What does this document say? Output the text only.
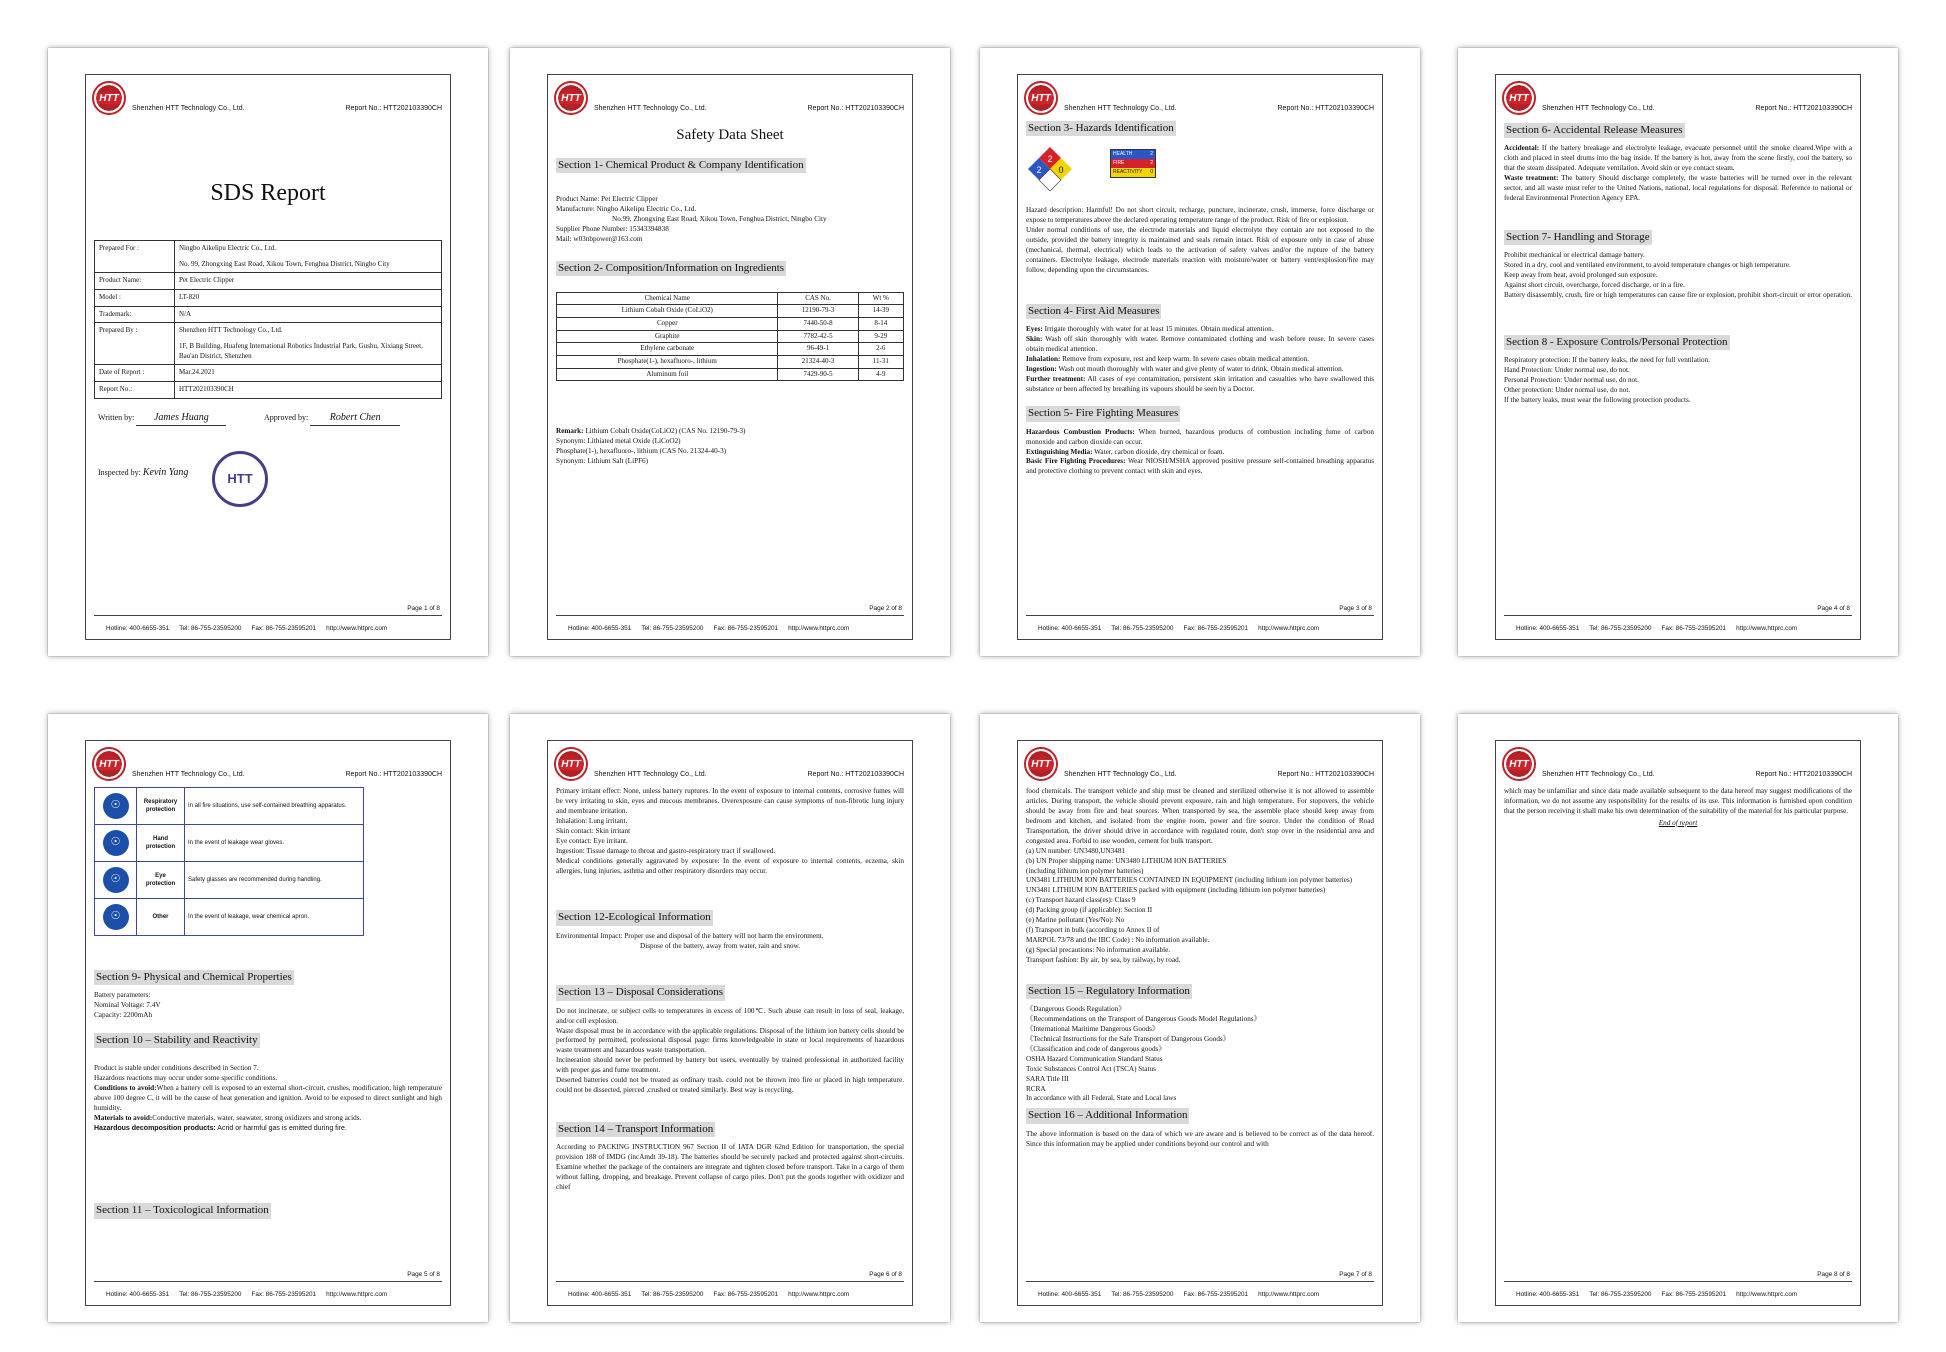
HTT
Shenzhen HTT Technology Co., Ltd.	Report No.: HTT202103390CH
SDS Report
Prepared For :	Ningbo Aikelipu Electric Co., Ltd.
No. 99, Zhongxing East Road, Xikou Town, Fenghua District, Ningbo City

Product Name:	Pet Electric Clipper

Model :	LT-820

Trademark:	N/A

Prepared By :	Shenzhen HTT Technology Co., Ltd.
1F, B Building, Huafeng International Robotics Industrial Park, Gushu, Xixiang Street, Bao'an District, Shenzhen

Date of Report :	Mar.24.2021

Report No.:	HTT202103390CH
Written by: James Huang	Approved by: Robert Chen
Inspected by: Kevin Yang	HTT
Page 1 of 8
Hotline: 400-6655-351 Tel: 86-755-23595200 Fax: 86-755-23595201 http://www.httprc.com
HTT
Shenzhen HTT Technology Co., Ltd.	Report No.: HTT202103390CH
Safety Data Sheet
Section 1- Chemical Product & Company Identification
Product Name: Pet Electric Clipper
Manufacture: Ningbo Aikelipu Electric Co., Ltd.
No.99, Zhongxing East Road, Xikou Town, Fenghua District, Ningbo City
Supplier Phone Number: 15343394838
Mail: w03nbpower@163.com
Section 2- Composition/Information on Ingredients
Chemical Name	CAS No.	Wt %
Lithium Cobalt Oxide (CoLiO2)	12190-79-3	14-39
Copper	7440-50-8	8-14
Graphite	7782-42-5	9-29
Ethylene carbonate	96-49-1	2-6
Phosphate(1-), hexafluoro-, lithium	21324-40-3	11-31
Aluminum foil	7429-90-5	4-9
Remark: Lithium Cobalt Oxide(CoLiO2) (CAS No. 12190-79-3)
Synonym: Lithiated metal Oxide (LiCoO2)
Phosphate(1-), hexafluoro-, lithium (CAS No. 21324-40-3)
Synonym: Lithium Salt (LiPF6)
Page 2 of 8
Hotline: 400-6655-351 Tel: 86-755-23595200 Fax: 86-755-23595201 http://www.httprc.com
HTT
Shenzhen HTT Technology Co., Ltd.	Report No.: HTT202103390CH
Section 3- Hazards Identification
2
2 0
HEALTH	2
FIRE	2
REACTIVITY 0
Hazard description: Harmful! Do not short circuit, recharge, puncture, incinerate, crush, immerse, force discharge or expose to temperatures above the declared operating temperature range of the product. Risk of fire or explosion.
Under normal conditions of use, the electrode materials and liquid electrolyte they contain are not exposed to the outside, provided the battery integrity is maintained and seals remain intact. Risk of exposure only in case of abuse (mechanical, thermal, electrical) which leads to the activation of safety valves and/or the rupture of the battery containers. Electrolyte leakage, electrode materials reaction with moisture/water or battery vent/explosion/fire may follow, depending upon the circumstances.
Section 4- First Aid Measures
Eyes: Irrigate thoroughly with water for at least 15 minutes. Obtain medical attention.
Skin: Wash off skin thoroughly with water. Remove contaminated clothing and wash before reuse. In severe cases obtain medical attention.
Inhalation: Remove from exposure, rest and keep warm. In severe cases obtain medical attention.
Ingestion: Wash out mouth thoroughly with water and give plenty of water to drink. Obtain medical attention.
Further treatment: All cases of eye contamination, persistent skin irritation and casualties who have swallowed this substance or been affected by breathing its vapours should be seen by a Doctor.
Section 5- Fire Fighting Measures
Hazardous Combustion Products: When burned, hazardous products of combustion including fume of carbon monoxide and carbon dioxide can occur.
Extinguishing Media: Water, carbon dioxide, dry chemical or foam.
Basic Fire Fighting Procedures: Wear NIOSH/MSHA approved positive pressure self-contained breathing apparatus and protective clothing to prevent contact with skin and eyes.
Page 3 of 8
Hotline: 400-6655-351 Tel: 86-755-23595200 Fax: 86-755-23595201 http://www.httprc.com
HTT
Shenzhen HTT Technology Co., Ltd.	Report No.: HTT202103390CH
Section 6- Accidental Release Measures
Accidental: If the battery breakage and electrolyte leakage, evacuate personnel until the smoke cleared.Wipe with a cloth and placed in steel drums into the bag inside. If the battery is hot, away from the scene firstly, cool the battery, so that the steam dissipated. Adequate ventilation. Avoid skin or eye contact steam.
Waste treatment: The battery Should discharge completely, the waste batteries will be turned over in the relevant sector, and all waste must refer to the United Nations, national, local regulations for disposal. Reference to national or federal Environmental Protection Agency EPA.
Section 7- Handling and Storage
Prohibit mechanical or electrical damage battery.
Stored in a dry, cool and ventilated environment, to avoid temperature changes or high temperature.
Keep away from heat, avoid prolonged sun exposure.
Against short circuit, overcharge, forced discharge, or in a fire.
Battery disassembly, crush, fire or high temperatures can cause fire or explosion, prohibit short-circuit or error operation.
Section 8 - Exposure Controls/Personal Protection
Respiratory protection: If the battery leaks, the need for full ventilation.
Hand Protection: Under normal use, do not.
Personal Protection: Under normal use, do not.
Other protection: Under normal use, do not.
If the battery leaks, must wear the following protection products.
Page 4 of 8
Hotline: 400-6655-351 Tel: 86-755-23595200 Fax: 86-755-23595201 http://www.httprc.com
HTT
Shenzhen HTT Technology Co., Ltd.	Report No.: HTT202103390CH
☉	Respiratory protection	In all fire situations, use self-contained breathing apparatus.

☉	Hand protection	In the event of leakage wear gloves.

☉	Eye protection	Safety glasses are recommended during handling.

☉	Other	In the event of leakage, wear chemical apron.
Section 9- Physical and Chemical Properties
Battery parameters:
Nominal Voltage: 7.4V
Capacity: 2200mAh
Section 10 – Stability and Reactivity
Product is stable under conditions described in Section 7.
Hazardous reactions may occur under some specific conditions.
Conditions to avoid:When a battery cell is exposed to an external short-circuit, crushes, modification, high temperature above 100 degree C, it will be the cause of heat generation and ignition. Avoid to be exposed to direct sunlight and high humidity.
Materials to avoid:Conductive materials, water, seawater, strong oxidizers and strong acids.
Hazardous decomposition products: Acrid or harmful gas is emitted during fire.
Section 11 – Toxicological Information
Page 5 of 8
Hotline: 400-6655-351 Tel: 86-755-23595200 Fax: 86-755-23595201 http://www.httprc.com
HTT
Shenzhen HTT Technology Co., Ltd.	Report No.: HTT202103390CH
Primary irritant effect: None, unless battery ruptures. In the event of exposure to internal contents, corrosive fumes will be very irritating to skin, eyes and mucous membranes. Overexposure can cause symptoms of non-fibrotic lung injury and membrane irritation.
Inhalation: Lung irritant.
Skin contact: Skin irritant
Eye contact: Eye irritant.
Ingestion: Tissue damage to throat and gastro-respiratory tract if swallowed.
Medical conditions generally aggravated by exposure: In the event of exposure to internal contents, eczema, skin allergies, lung injuries, asthma and other respiratory disorders may occur.
Section 12-Ecological Information
Environmental Impact: Proper use and disposal of the battery will not harm the environment.
Dispose of the battery, away from water, rain and snow.
Section 13 – Disposal Considerations
Do not incinerate, or subject cells to temperatures in excess of 100℃. Such abuse can result in loss of seal, leakage, and/or cell explosion.
Waste disposal must be in accordance with the applicable regulations. Disposal of the lithium ion battery cells should be performed by permitted, professional disposal page: firms knowledgeable in state or local requirements of hazardous waste treatment and hazardous waste transportation.
Incineration should never be performed by battery but users, eventually by trained professional in authorized facility with proper gas and fume treatment.
Deserted batteries could not be treated as ordinary trash. could not be thrown into fire or placed in high temperature. could not be dissected, pierced ,crushed or treated similarly. Best way is recycling.
Section 14 – Transport Information
According to PACKING INSTRUCTION 967 Section II of IATA DGR 62nd Edition for transportation, the special provision 188 of IMDG (incAmdt 39-18). The batteries should be securely packed and protected against short-circuits. Examine whether the package of the containers are integrate and tighten closed before transport. Take in a cargo of them without falling, dropping, and breakage. Prevent collapse of cargo piles. Don't put the goods together with oxidizer and chief
Page 6 of 8
Hotline: 400-6655-351 Tel: 86-755-23595200 Fax: 86-755-23595201 http://www.httprc.com
HTT
Shenzhen HTT Technology Co., Ltd.	Report No.: HTT202103390CH
food chemicals. The transport vehicle and ship must be cleaned and sterilized otherwise it is not allowed to assemble articles. During transport, the vehicle should prevent exposure, rain and high temperature. For stopovers, the vehicle should be away from fire and heat sources. When transported by sea, the assemble place should keep away from bedroom and kitchen, and isolated from the engine room, power and fire source. Under the condition of Road Transportation, the driver should drive in accordance with regulated route, don't stop over in the residential area and congested area. Forbid to use wooden, cement for bulk transport.
(a) UN number: UN3480,UN3481
(b) UN Proper shipping name: UN3480 LITHIUM ION BATTERIES
(including lithium ion polymer batteries)
UN3481 LITHIUM ION BATTERIES CONTAINED IN EQUIPMENT (including lithium ion polymer batteries)
UN3481 LITHIUM ION BATTERIES packed with equipment (including lithium ion polymer batteries)
(c) Transport hazard class(es): Class 9
(d) Packing group (if applicable): Section II
(e) Marine pollutant (Yes/No): No
(f) Transport in bulk (according to Annex II of
MARPOL 73/78 and the IBC Code) : No information available.
(g) Special precautions: No information available.
Transport fashion: By air, by sea, by railway, by road.
Section 15 – Regulatory Information
《Dangerous Goods Regulation》
《Recommendations on the Transport of Dangerous Goods Model Regulations》
《International Maritime Dangerous Goods》
《Technical Instructions for the Safe Transport of Dangerous Goods》
《Classification and code of dangerous goods》
OSHA Hazard Communication Standard Status
Toxic Substances Control Act (TSCA) Status
SARA Title III
RCRA
In accordance with all Federal, State and Local laws
Section 16 – Additional Information
The above information is based on the data of which we are aware and is believed to be correct as of the data hereof. Since this information may be applied under conditions beyond our control and with
Page 7 of 8
Hotline: 400-6655-351 Tel: 86-755-23595200 Fax: 86-755-23595201 http://www.httprc.com
HTT
Shenzhen HTT Technology Co., Ltd.	Report No.: HTT202103390CH
which may be unfamiliar and since data made available subsequent to the data hereof may suggest modifications of the information, we do not assume any responsibility for the results of its use. This information is furnished upon condition that the person receiving it shall make his own determination of the suitability of the material for his particular purpose.
End of report
Page 8 of 8
Hotline: 400-6655-351 Tel: 86-755-23595200 Fax: 86-755-23595201 http://www.httprc.com
